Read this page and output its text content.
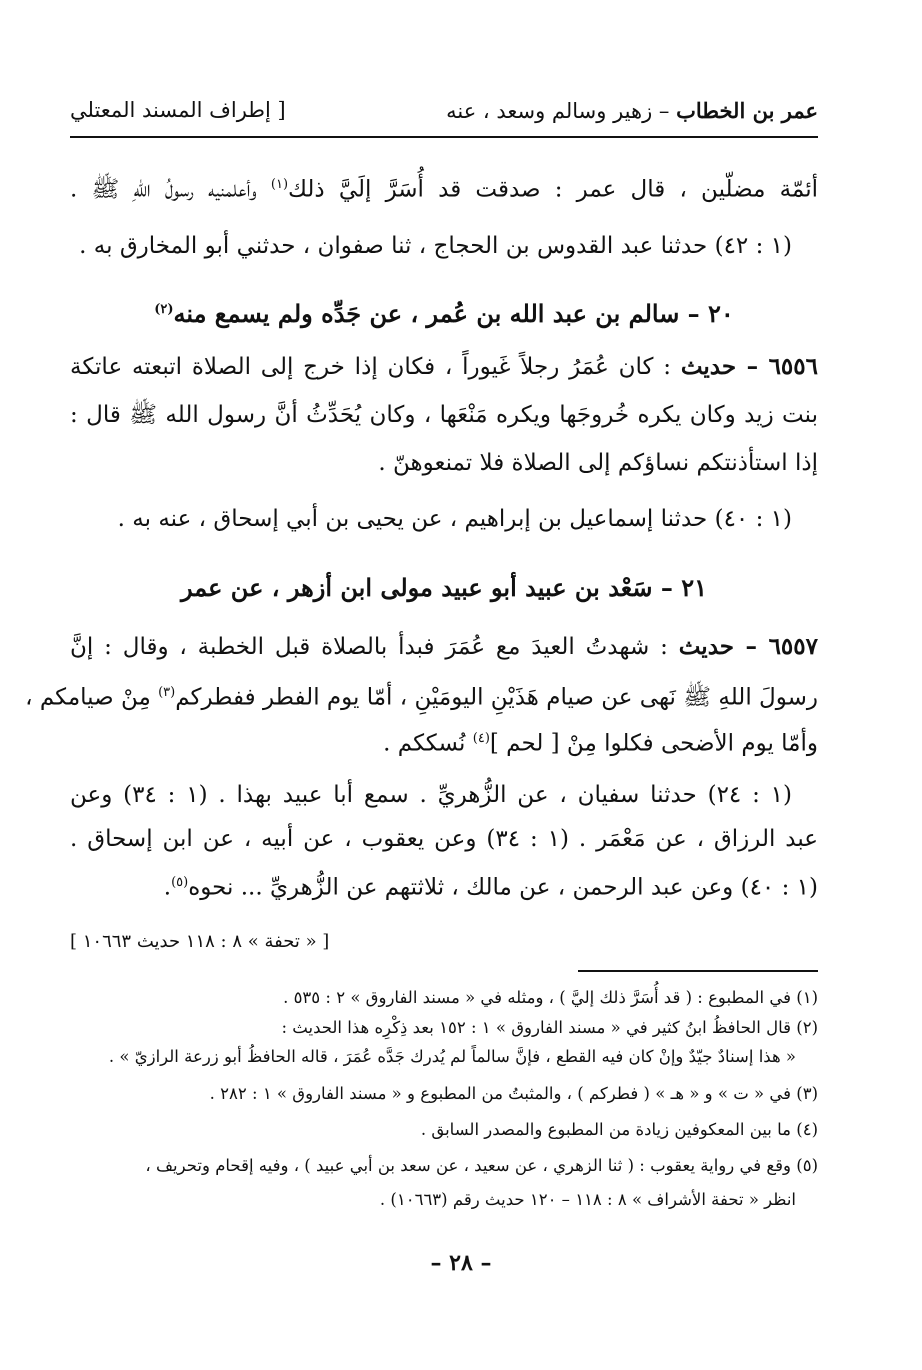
عمر بن الخطاب – زهير وسالم وسعد ، عنه
[ إطراف المسند المعتلي
أئمّة مضلّين ، قال عمر : صدقت قد أُسَرَّ إلَيَّ ذلك$^{(١)}$ وأعلمنيه رسولُ اللهِ ﷺ .
(١ : ٤٢) حدثنا عبد القدوس بن الحجاج ، ثنا صفوان ، حدثني أبو المخارق به .
٢٠ – سالم بن عبد الله بن عُمر ، عن جَدِّه ولم يسمع منه$^{(٢)}$
٦٥٥٦ – حديث : كان عُمَرُ رجلاً غَيوراً ، فكان إذا خرج إلى الصلاة اتبعته عاتكة
بنت زيد وكان يكره خُروجَها ويكره مَنْعَها ، وكان يُحَدِّثُ أنَّ رسول الله ﷺ قال :
إذا استأذنتكم نساؤكم إلى الصلاة فلا تمنعوهنّ .
(١ : ٤٠) حدثنا إسماعيل بن إبراهيم ، عن يحيى بن أبي إسحاق ، عنه به .
٢١ – سَعْد بن عبيد أبو عبيد مولى ابن أزهر ، عن عمر
٦٥٥٧ – حديث : شهدتُ العيدَ مع عُمَرَ فبدأ بالصلاة قبل الخطبة ، وقال : إنَّ
رسولَ اللهِ ﷺ نَهى عن صيام هَذَيْنِ اليومَيْنِ ، أمّا يوم الفطر ففطركم$^{(٣)}$ مِنْ صيامكم ،
وأمّا يوم الأضحى فكلوا مِنْ [ لحم ]$^{(٤)}$ نُسككم .
(١ : ٢٤) حدثنا سفيان ، عن الزُّهريِّ . سمع أبا عبيد بهذا . (١ : ٣٤) وعن
عبد الرزاق ، عن مَعْمَر . (١ : ٣٤) وعن يعقوب ، عن أبيه ، عن ابن إسحاق .
(١ : ٤٠) وعن عبد الرحمن ، عن مالك ، ثلاثتهم عن الزُّهريِّ ... نحوه$^{(٥)}$.
[ « تحفة » ٨ : ١١٨ حديث ١٠٦٦٣ ]
(١) في المطبوع : ( قد أُسَرَّ ذلك إليَّ ) ، ومثله في « مسند الفاروق » ٢ : ٥٣٥ .
(٢) قال الحافظُ ابنُ كثير في « مسند الفاروق » ١ : ١٥٢ بعد ذِكْرِه هذا الحديث :
« هذا إسنادٌ جيّدٌ وإنْ كان فيه القطع ، فإنَّ سالماً لم يُدرك جَدَّه عُمَرَ ، قاله الحافظُ أبو زرعة الرازيّ » .
(٣) في « ت » و « هـ » ( فطركم ) ، والمثبتُ من المطبوع و « مسند الفاروق » ١ : ٢٨٢ .
(٤) ما بين المعكوفين زيادة من المطبوع والمصدر السابق .
(٥) وقع في رواية يعقوب : ( ثنا الزهري ، عن سعيد ، عن سعد بن أبي عبيد ) ، وفيه إقحام وتحريف ،
انظر « تحفة الأشراف » ٨ : ١١٨ – ١٢٠ حديث رقم (١٠٦٦٣) .
– ٢٨ –
